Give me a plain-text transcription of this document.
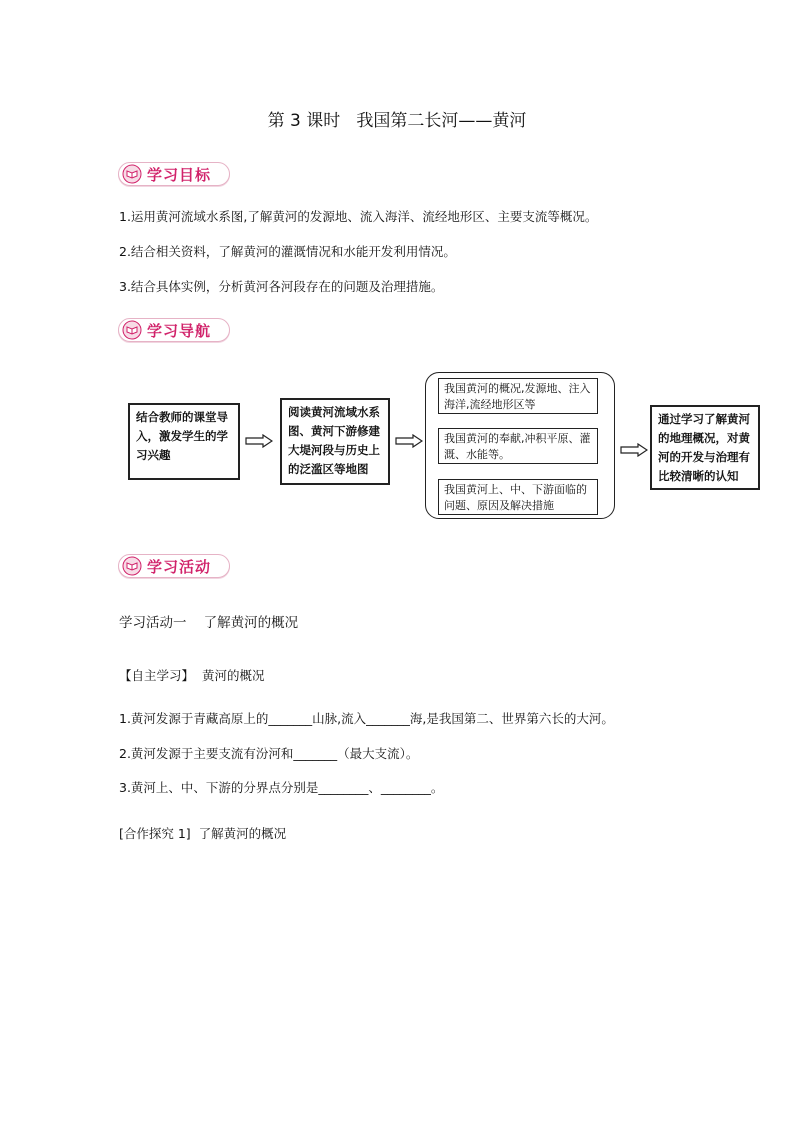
第 3 课时   我国第二长河——黄河
学习目标
1.运用黄河流域水系图,了解黄河的发源地、流入海洋、流经地形区、主要支流等概况。
2.结合相关资料，了解黄河的灌溉情况和水能开发利用情况。
3.结合具体实例，分析黄河各河段存在的问题及治理措施。
学习导航
结合教师的课堂导入，激发学生的学习兴趣
阅读黄河流域水系图、黄河下游修建大堤河段与历史上的泛滥区等地图
我国黄河的概况,发源地、注入海洋,流经地形区等
我国黄河的奉献,冲积平原、灌溉、水能等。
我国黄河上、中、下游面临的问题、原因及解决措施
通过学习了解黄河的地理概况，对黄河的开发与治理有比较清晰的认知
学习活动
学习活动一    了解黄河的概况
【自主学习】  黄河的概况
1.黄河发源于青藏高原上的_______山脉,流入_______海,是我国第二、世界第六长的大河。
2.黄河发源于主要支流有汾河和_______（最大支流）。
3.黄河上、中、下游的分界点分别是________、________。
[合作探究 1]  了解黄河的概况
